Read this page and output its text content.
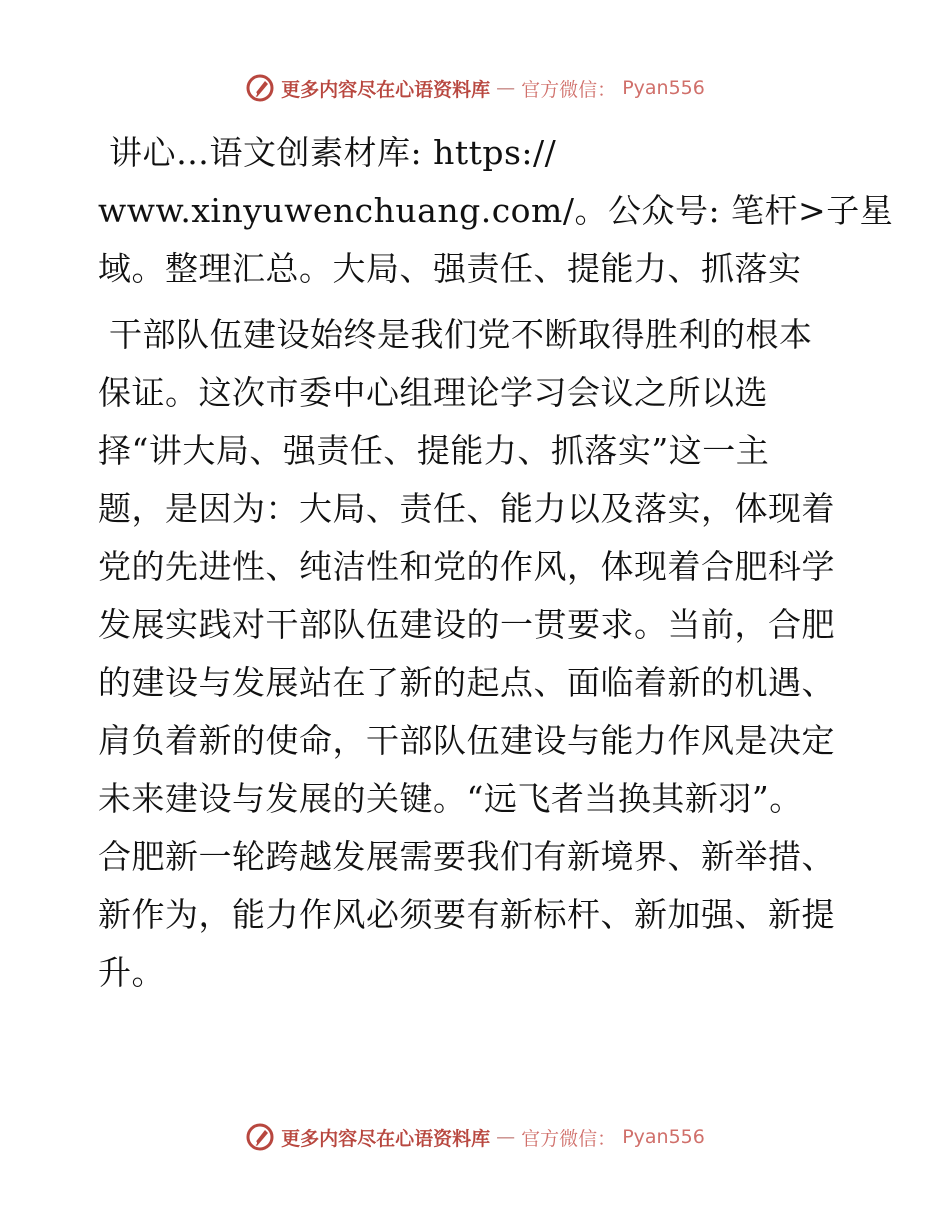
更多内容尽在心语资料库 — 官方微信： Pyan556
讲心…语文创素材库: https://
www.xinyuwenchuang.com/。公众号: 笔杆>子星
域。整理汇总。大局、强责任、提能力、抓落实
干部队伍建设始终是我们党不断取得胜利的根本
保证。这次市委中心组理论学习会议之所以选
择“讲大局、强责任、提能力、抓落实”这一主
题，是因为：大局、责任、能力以及落实，体现着
党的先进性、纯洁性和党的作风，体现着合肥科学
发展实践对干部队伍建设的一贯要求。当前，合肥
的建设与发展站在了新的起点、面临着新的机遇、
肩负着新的使命，干部队伍建设与能力作风是决定
未来建设与发展的关键。“远飞者当换其新羽”。
合肥新一轮跨越发展需要我们有新境界、新举措、
新作为，能力作风必须要有新标杆、新加强、新提
升。
更多内容尽在心语资料库 — 官方微信： Pyan556
